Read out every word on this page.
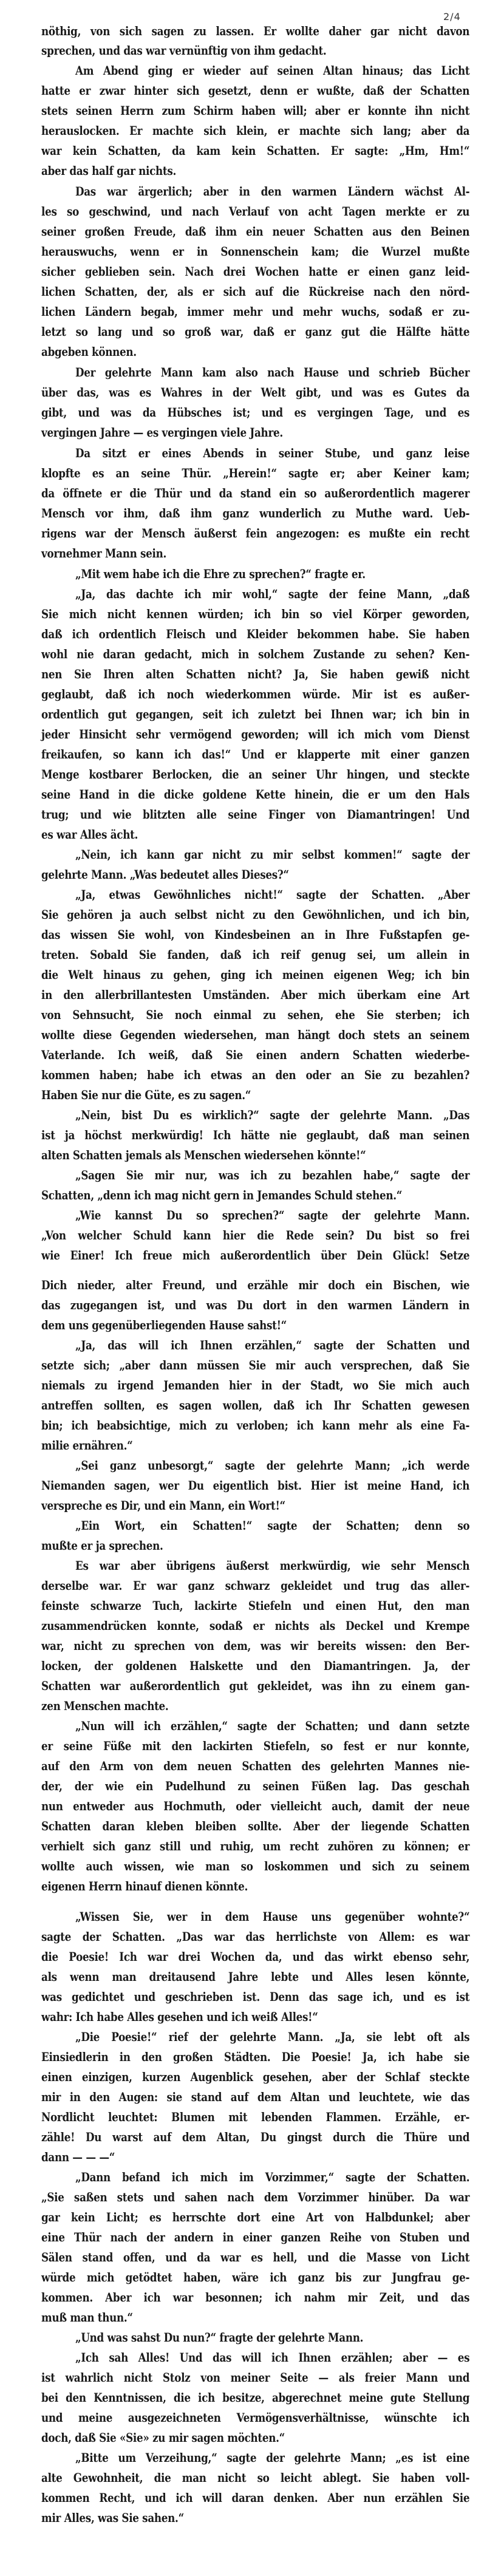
2/4
nöthig, von sich sagen zu lassen. Er wollte daher gar nicht davon
sprechen, und das war vernünftig von ihm gedacht.
Am Abend ging er wieder auf seinen Altan hinaus; das Licht
hatte er zwar hinter sich gesetzt, denn er wußte, daß der Schatten
stets seinen Herrn zum Schirm haben will; aber er konnte ihn nicht
herauslocken. Er machte sich klein, er machte sich lang; aber da
war kein Schatten, da kam kein Schatten. Er sagte: „Hm, Hm!“
aber das half gar nichts.
Das war ärgerlich; aber in den warmen Ländern wächst Al-
les so geschwind, und nach Verlauf von acht Tagen merkte er zu
seiner großen Freude, daß ihm ein neuer Schatten aus den Beinen
herauswuchs, wenn er in Sonnenschein kam; die Wurzel mußte
sicher geblieben sein. Nach drei Wochen hatte er einen ganz leid-
lichen Schatten, der, als er sich auf die Rückreise nach den nörd-
lichen Ländern begab, immer mehr und mehr wuchs, sodaß er zu-
letzt so lang und so groß war, daß er ganz gut die Hälfte hätte
abgeben können.
Der gelehrte Mann kam also nach Hause und schrieb Bücher
über das, was es Wahres in der Welt gibt, und was es Gutes da
gibt, und was da Hübsches ist; und es vergingen Tage, und es
vergingen Jahre — es vergingen viele Jahre.
Da sitzt er eines Abends in seiner Stube, und ganz leise
klopfte es an seine Thür. „Herein!“ sagte er; aber Keiner kam;
da öffnete er die Thür und da stand ein so außerordentlich magerer
Mensch vor ihm, daß ihm ganz wunderlich zu Muthe ward. Ueb-
rigens war der Mensch äußerst fein angezogen: es mußte ein recht
vornehmer Mann sein.
„Mit wem habe ich die Ehre zu sprechen?“ fragte er.
„Ja, das dachte ich mir wohl,“ sagte der feine Mann, „daß
Sie mich nicht kennen würden; ich bin so viel Körper geworden,
daß ich ordentlich Fleisch und Kleider bekommen habe. Sie haben
wohl nie daran gedacht, mich in solchem Zustande zu sehen? Ken-
nen Sie Ihren alten Schatten nicht? Ja, Sie haben gewiß nicht
geglaubt, daß ich noch wiederkommen würde. Mir ist es außer-
ordentlich gut gegangen, seit ich zuletzt bei Ihnen war; ich bin in
jeder Hinsicht sehr vermögend geworden; will ich mich vom Dienst
freikaufen, so kann ich das!“ Und er klapperte mit einer ganzen
Menge kostbarer Berlocken, die an seiner Uhr hingen, und steckte
seine Hand in die dicke goldene Kette hinein, die er um den Hals
trug; und wie blitzten alle seine Finger von Diamantringen! Und
es war Alles ächt.
„Nein, ich kann gar nicht zu mir selbst kommen!“ sagte der
gelehrte Mann. „Was bedeutet alles Dieses?“
„Ja, etwas Gewöhnliches nicht!“ sagte der Schatten. „Aber
Sie gehören ja auch selbst nicht zu den Gewöhnlichen, und ich bin,
das wissen Sie wohl, von Kindesbeinen an in Ihre Fußstapfen ge-
treten. Sobald Sie fanden, daß ich reif genug sei, um allein in
die Welt hinaus zu gehen, ging ich meinen eigenen Weg; ich bin
in den allerbrillantesten Umständen. Aber mich überkam eine Art
von Sehnsucht, Sie noch einmal zu sehen, ehe Sie sterben; ich
wollte diese Gegenden wiedersehen, man hängt doch stets an seinem
Vaterlande. Ich weiß, daß Sie einen andern Schatten wiederbe-
kommen haben; habe ich etwas an den oder an Sie zu bezahlen?
Haben Sie nur die Güte, es zu sagen.“
„Nein, bist Du es wirklich?“ sagte der gelehrte Mann. „Das
ist ja höchst merkwürdig! Ich hätte nie geglaubt, daß man seinen
alten Schatten jemals als Menschen wiedersehen könnte!“
„Sagen Sie mir nur, was ich zu bezahlen habe,“ sagte der
Schatten, „denn ich mag nicht gern in Jemandes Schuld stehen.“
„Wie kannst Du so sprechen?“ sagte der gelehrte Mann.
„Von welcher Schuld kann hier die Rede sein? Du bist so frei
wie Einer! Ich freue mich außerordentlich über Dein Glück! Setze
Dich nieder, alter Freund, und erzähle mir doch ein Bischen, wie
das zugegangen ist, und was Du dort in den warmen Ländern in
dem uns gegenüberliegenden Hause sahst!“
„Ja, das will ich Ihnen erzählen,“ sagte der Schatten und
setzte sich; „aber dann müssen Sie mir auch versprechen, daß Sie
niemals zu irgend Jemanden hier in der Stadt, wo Sie mich auch
antreffen sollten, es sagen wollen, daß ich Ihr Schatten gewesen
bin; ich beabsichtige, mich zu verloben; ich kann mehr als eine Fa-
milie ernähren.“
„Sei ganz unbesorgt,“ sagte der gelehrte Mann; „ich werde
Niemanden sagen, wer Du eigentlich bist. Hier ist meine Hand, ich
verspreche es Dir, und ein Mann, ein Wort!“
„Ein Wort, ein Schatten!“ sagte der Schatten; denn so
mußte er ja sprechen.
Es war aber übrigens äußerst merkwürdig, wie sehr Mensch
derselbe war. Er war ganz schwarz gekleidet und trug das aller-
feinste schwarze Tuch, lackirte Stiefeln und einen Hut, den man
zusammendrücken konnte, sodaß er nichts als Deckel und Krempe
war, nicht zu sprechen von dem, was wir bereits wissen: den Ber-
locken, der goldenen Halskette und den Diamantringen. Ja, der
Schatten war außerordentlich gut gekleidet, was ihn zu einem gan-
zen Menschen machte.
„Nun will ich erzählen,“ sagte der Schatten; und dann setzte
er seine Füße mit den lackirten Stiefeln, so fest er nur konnte,
auf den Arm von dem neuen Schatten des gelehrten Mannes nie-
der, der wie ein Pudelhund zu seinen Füßen lag. Das geschah
nun entweder aus Hochmuth, oder vielleicht auch, damit der neue
Schatten daran kleben bleiben sollte. Aber der liegende Schatten
verhielt sich ganz still und ruhig, um recht zuhören zu können; er
wollte auch wissen, wie man so loskommen und sich zu seinem
eigenen Herrn hinauf dienen könnte.
„Wissen Sie, wer in dem Hause uns gegenüber wohnte?“
sagte der Schatten. „Das war das herrlichste von Allem: es war
die Poesie! Ich war drei Wochen da, und das wirkt ebenso sehr,
als wenn man dreitausend Jahre lebte und Alles lesen könnte,
was gedichtet und geschrieben ist. Denn das sage ich, und es ist
wahr: Ich habe Alles gesehen und ich weiß Alles!“
„Die Poesie!“ rief der gelehrte Mann. „Ja, sie lebt oft als
Einsiedlerin in den großen Städten. Die Poesie! Ja, ich habe sie
einen einzigen, kurzen Augenblick gesehen, aber der Schlaf steckte
mir in den Augen: sie stand auf dem Altan und leuchtete, wie das
Nordlicht leuchtet: Blumen mit lebenden Flammen. Erzähle, er-
zähle! Du warst auf dem Altan, Du gingst durch die Thüre und
dann — — —“
„Dann befand ich mich im Vorzimmer,“ sagte der Schatten.
„Sie saßen stets und sahen nach dem Vorzimmer hinüber. Da war
gar kein Licht; es herrschte dort eine Art von Halbdunkel; aber
eine Thür nach der andern in einer ganzen Reihe von Stuben und
Sälen stand offen, und da war es hell, und die Masse von Licht
würde mich getödtet haben, wäre ich ganz bis zur Jungfrau ge-
kommen. Aber ich war besonnen; ich nahm mir Zeit, und das
muß man thun.“
„Und was sahst Du nun?“ fragte der gelehrte Mann.
„Ich sah Alles! Und das will ich Ihnen erzählen; aber — es
ist wahrlich nicht Stolz von meiner Seite — als freier Mann und
bei den Kenntnissen, die ich besitze, abgerechnet meine gute Stellung
und meine ausgezeichneten Vermögensverhältnisse, wünschte ich
doch, daß Sie «Sie» zu mir sagen möchten.“
„Bitte um Verzeihung,“ sagte der gelehrte Mann; „es ist eine
alte Gewohnheit, die man nicht so leicht ablegt. Sie haben voll-
kommen Recht, und ich will daran denken. Aber nun erzählen Sie
mir Alles, was Sie sahen.“
